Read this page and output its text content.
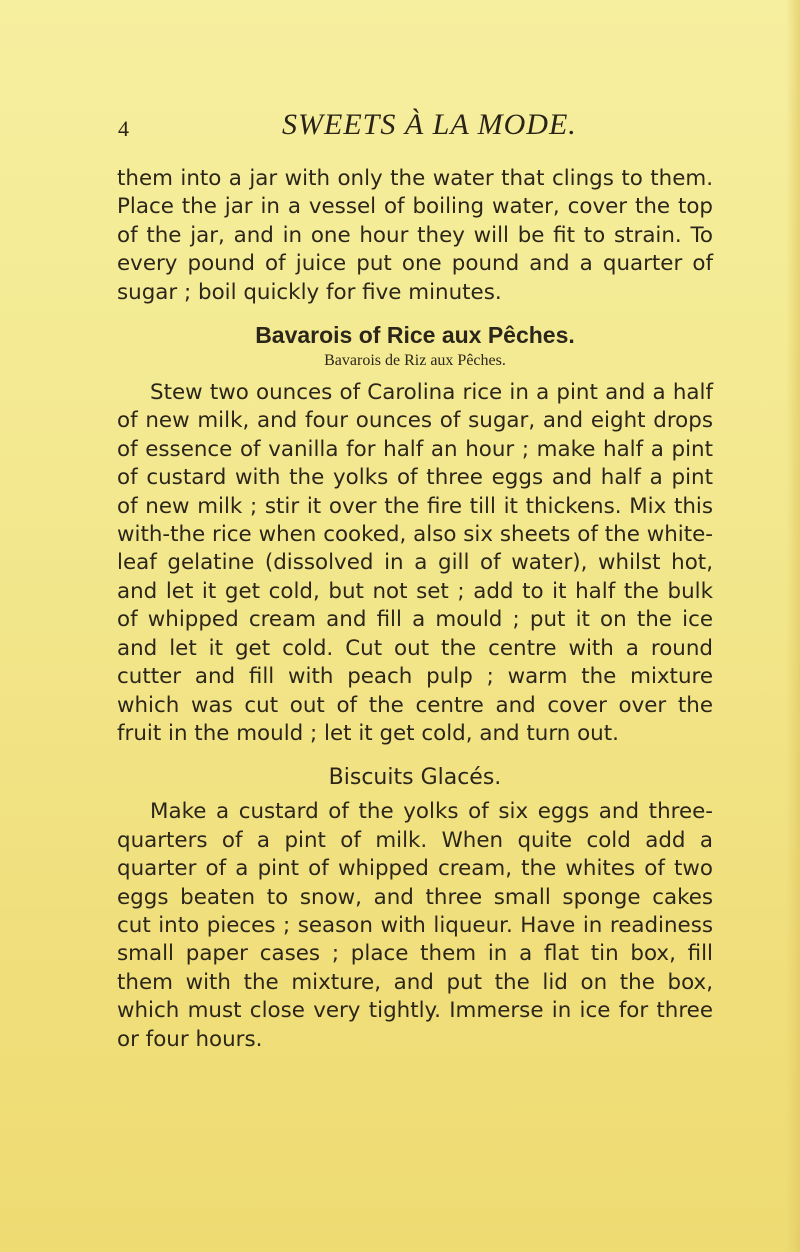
4	SWEETS À LA MODE.

them into a jar with only the water that clings to them. Place the jar in a vessel of boiling water, cover the top of the jar, and in one hour they will be fit to strain. To every pound of juice put one pound and a quarter of sugar ; boil quickly for five minutes.

Bavarois of Rice aux Pêches.
Bavarois de Riz aux Pêches.

Stew two ounces of Carolina rice in a pint and a half of new milk, and four ounces of sugar, and eight drops of essence of vanilla for half an hour ; make half a pint of custard with the yolks of three eggs and half a pint of new milk ; stir it over the fire till it thickens. Mix this with-the rice when cooked, also six sheets of the white-leaf gelatine (dissolved in a gill of water), whilst hot, and let it get cold, but not set ; add to it half the bulk of whipped cream and fill a mould ; put it on the ice and let it get cold. Cut out the centre with a round cutter and fill with peach pulp ; warm the mixture which was cut out of the centre and cover over the fruit in the mould ; let it get cold, and turn out.

Biscuits Glacés.

Make a custard of the yolks of six eggs and three-quarters of a pint of milk. When quite cold add a quarter of a pint of whipped cream, the whites of two eggs beaten to snow, and three small sponge cakes cut into pieces ; season with liqueur. Have in readiness small paper cases ; place them in a flat tin box, fill them with the mixture, and put the lid on the box, which must close very tightly. Immerse in ice for three or four hours.
